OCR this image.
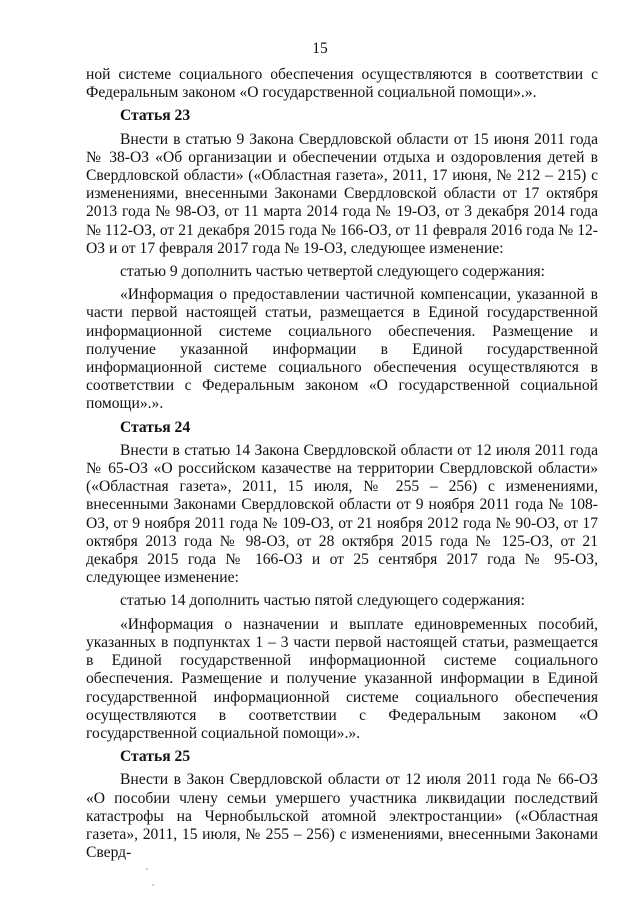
15

ной системе социального обеспечения осуществляются в соответствии с Федеральным законом «О государственной социальной помощи».».

Статья 23

Внести в статью 9 Закона Свердловской области от 15 июня 2011 года № 38-ОЗ «Об организации и обеспечении отдыха и оздоровления детей в Свердловской области» («Областная газета», 2011, 17 июня, № 212 – 215) с изменениями, внесенными Законами Свердловской области от 17 октября 2013 года № 98-ОЗ, от 11 марта 2014 года № 19-ОЗ, от 3 декабря 2014 года № 112-ОЗ, от 21 декабря 2015 года № 166-ОЗ, от 11 февраля 2016 года № 12-ОЗ и от 17 февраля 2017 года № 19-ОЗ, следующее изменение:

статью 9 дополнить частью четвертой следующего содержания:

«Информация о предоставлении частичной компенсации, указанной в части первой настоящей статьи, размещается в Единой государственной информационной системе социального обеспечения. Размещение и получение указанной информации в Единой государственной информационной системе социального обеспечения осуществляются в соответствии с Федеральным законом «О государственной социальной помощи».».

Статья 24

Внести в статью 14 Закона Свердловской области от 12 июля 2011 года № 65-ОЗ «О российском казачестве на территории Свердловской области» («Областная газета», 2011, 15 июля, № 255 – 256) с изменениями, внесенными Законами Свердловской области от 9 ноября 2011 года № 108-ОЗ, от 9 ноября 2011 года № 109-ОЗ, от 21 ноября 2012 года № 90-ОЗ, от 17 октября 2013 года № 98-ОЗ, от 28 октября 2015 года № 125-ОЗ, от 21 декабря 2015 года № 166-ОЗ и от 25 сентября 2017 года № 95-ОЗ, следующее изменение:

статью 14 дополнить частью пятой следующего содержания:

«Информация о назначении и выплате единовременных пособий, указанных в подпунктах 1 – 3 части первой настоящей статьи, размещается в Единой государственной информационной системе социального обеспечения. Размещение и получение указанной информации в Единой государственной информационной системе социального обеспечения осуществляются в соответствии с Федеральным законом «О государственной социальной помощи».».

Статья 25

Внести в Закон Свердловской области от 12 июля 2011 года № 66-ОЗ «О пособии члену семьи умершего участника ликвидации последствий катастрофы на Чернобыльской атомной электростанции» («Областная газета», 2011, 15 июля, № 255 – 256) с изменениями, внесенными Законами Сверд-
